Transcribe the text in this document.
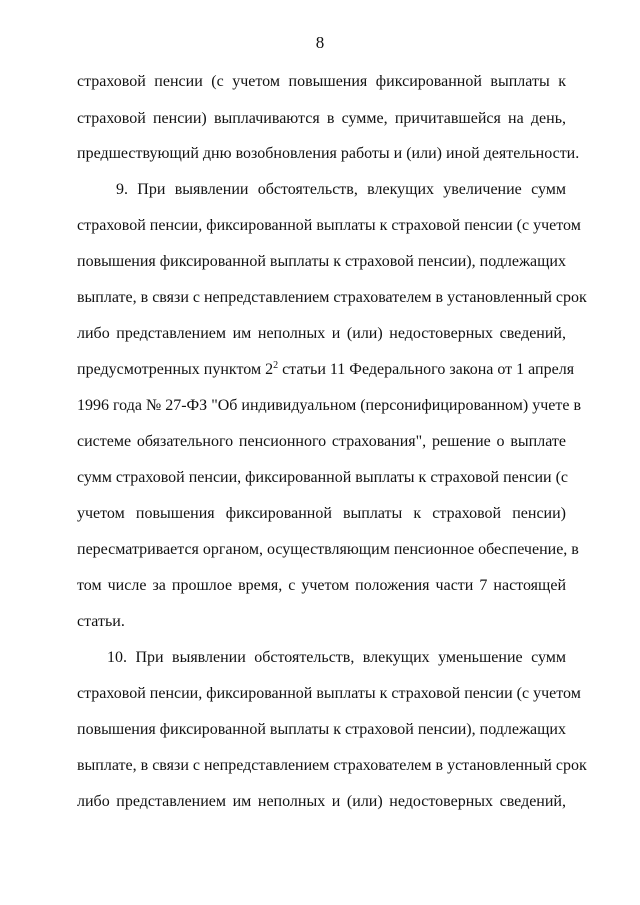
8
страховой пенсии (с учетом повышения фиксированной выплаты к
страховой пенсии) выплачиваются в сумме, причитавшейся на день,
предшествующий дню возобновления работы и (или) иной деятельности.
9. При выявлении обстоятельств, влекущих увеличение сумм
страховой пенсии, фиксированной выплаты к страховой пенсии (с учетом
повышения фиксированной выплаты к страховой пенсии), подлежащих
выплате, в связи с непредставлением страхователем в установленный срок
либо представлением им неполных и (или) недостоверных сведений,
предусмотренных пунктом $2^2$ статьи 11 Федерального закона от 1 апреля
1996 года № 27-ФЗ "Об индивидуальном (персонифицированном) учете в
системе обязательного пенсионного страхования", решение о выплате
сумм страховой пенсии, фиксированной выплаты к страховой пенсии (с
учетом повышения фиксированной выплаты к страховой пенсии)
пересматривается органом, осуществляющим пенсионное обеспечение, в
том числе за прошлое время, с учетом положения части 7 настоящей
статьи.
10. При выявлении обстоятельств, влекущих уменьшение сумм
страховой пенсии, фиксированной выплаты к страховой пенсии (с учетом
повышения фиксированной выплаты к страховой пенсии), подлежащих
выплате, в связи с непредставлением страхователем в установленный срок
либо представлением им неполных и (или) недостоверных сведений,
